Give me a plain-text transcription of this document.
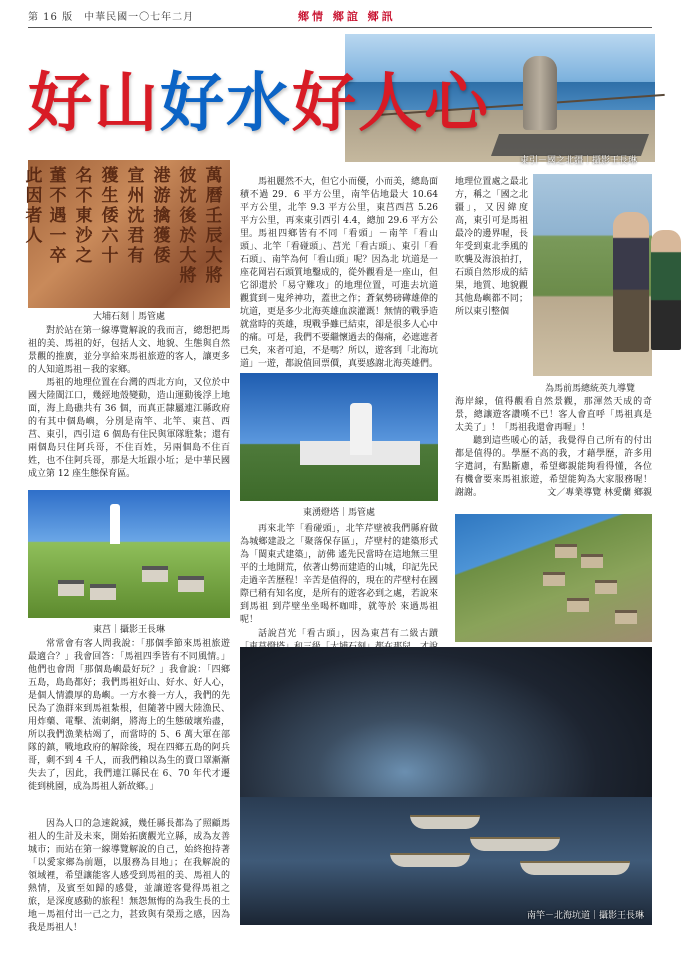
第 16 版　中華民國一〇七年二月	鄉情 鄉誼 鄉訊
東引－國之北疆｜攝影王長琳
好山好水好人心
萬
曆
壬
辰
大
將
彼
沈
後
於
大
將
港
游
擒
獲
倭
宣
州
沈
君
有
獲
生
倭
六
十
名
不
東
沙
之
董
不
遇
一
卒
此
因
者
人
大埔石刻｜馬管處
對於站在第一線導覽解說的我而言，總想把馬祖的美、馬祖的好，包括人文、地貌、生態與自然景觀的推廣，並分享給來馬祖旅遊的客人，讓更多的人知道馬祖－我的家鄉。
馬祖的地理位置在台灣的西北方向，又位於中國大陸閩江口，幾經地殼變動，造山運動後浮上地面，海上島礁共有 36 個，而真正隸屬連江縣政府的有其中個島嶼，分別是南竿、北竿、東莒、西莒、東引，西引這 6 個島有住民與軍隊駐紮；還有兩個島只住阿兵哥，不住百姓，另兩個島不住百姓，也不住阿兵哥，那是大坵跟小坵；是中華民國成立第 12 座生態保育區。
東莒｜攝影王長琳
常常會有客人問我說：「那個季節來馬祖旅遊最適合？」我會回答：「馬祖四季皆有不同風情。」他們也會問「那個島嶼最好玩？」我會說：「四鄉五島，島島都好；我們馬祖好山、好水、好人心，是個人情濃厚的島嶼。一方水養一方人，我們的先民為了漁群來到馬祖紮根，但隨著中國大陸漁民、用炸藥、電擊、流刺網，將海上的生態破壞殆盡，所以我們漁業枯竭了，而當時的 5、6 萬大軍在部隊的鎮，戰地政府的解除後，現在四鄉五島的阿兵哥，剩不到 4 千人，而我們賴以為生的賣口罩漸漸失去了，因此，我們連江縣民在 6、70 年代才遷徙到桃園，成為馬祖人新故鄉。」
因為人口的急速銳減，幾任縣長都為了照顧馬祖人的生計及未來，開始拓廣觀光立縣，成為友善城市；而站在第一線導覽解說的自己，始終抱持著「以愛家鄉為前題，以服務為目地」；在我解說的領域裡，希望讓能客人感受到馬祖的美、馬祖人的熱情，及賓至如歸的感覺，並讓遊客覺得馬祖之旅，是深度感動的旅程！無怨無悔的為我生長的土地－馬祖付出一己之力，甚致與有榮焉之感，因為我是馬祖人！
馬祖麗然不大，但它小而優，小而美，總島面積不過 29．6 平方公里，南竿佔地最大 10.64 平方公里，北竿 9.3 平方公里，東莒西莒 5.26 平方公里，再來東引西引 4.4，總加 29.6 平方公里。 馬祖四鄉皆有不同「看頭」－南竿「看山頭」、北竿「看碰頭」、莒光「看古頭」、東引「看石頭」、南竿為何「看山頭」呢？因為北 坑道是一座花岡岩石頭質地鑿成的，從外觀看是一座山，但它卻還於「易守難攻」的地理位置，可進去坑道 觀賞到－鬼斧神功，蓋世之作；蒼氣勢磅礡雄偉的坑道，更是多少北海英雄血淚灌溉！無情的戰爭造就當時的英雄，現戰爭雖已結束，卻是很多人心中的痛。可是，我們不要繼懷過去的傷痛，必遮遮者已矣，來者可追，不是嗎？所以，遊客到「北海坑道」一遊，都說值回票價，真要感謝北海英雄們。
東湧燈塔｜馬管處
再來北竿「看碰頭」，北竿芹壁被我們縣府做為城鄉建設之「聚落保存區」，芹壁村的建築形式為「閩東式建築」，訪佛 遙先民當時在這地無三里平的土地開荒，依著山勢而建造的山城，印記先民走過辛苦歷程！辛苦是值得的，現在的芹壁村在國際已稍有知名度，是所有的遊客必到之處，若說來到馬祖 到芹壁坐坐喝杯咖啡，就等於 來過馬祖呢！
話說莒光「看古頭」，因為東莒有二級古蹟
為馬前馬總統英九導覽
海岸線，值得觀看自然景觀，那渾然天成的奇景，總讓遊客讚嘆不已！客人會直呼「馬祖真是太美了」！「馬祖我還會再喔」！
聽到這些暖心的話，我覺得自己所有的付出都是值得的。學歷不高的我，才藉學歷，許多用字遣詞，有點斷慮，希望鄉親能夠看得懂，各位有機會要來馬祖旅遊，希望能夠為大家服務喔！謝謝。	文／專業導覽 林愛蘭 鄉親
南竿－北海坑道｜攝影王長琳
地理位置處之最北方，稱之「國之北疆」，又因緯度高，東引可是馬祖最冷的邊界喔，長年受到東北季風的吹襲及海浪拍打，石頭自然形成的結果，地質、地貌觀其他島嶼都不同；所以東引整個
